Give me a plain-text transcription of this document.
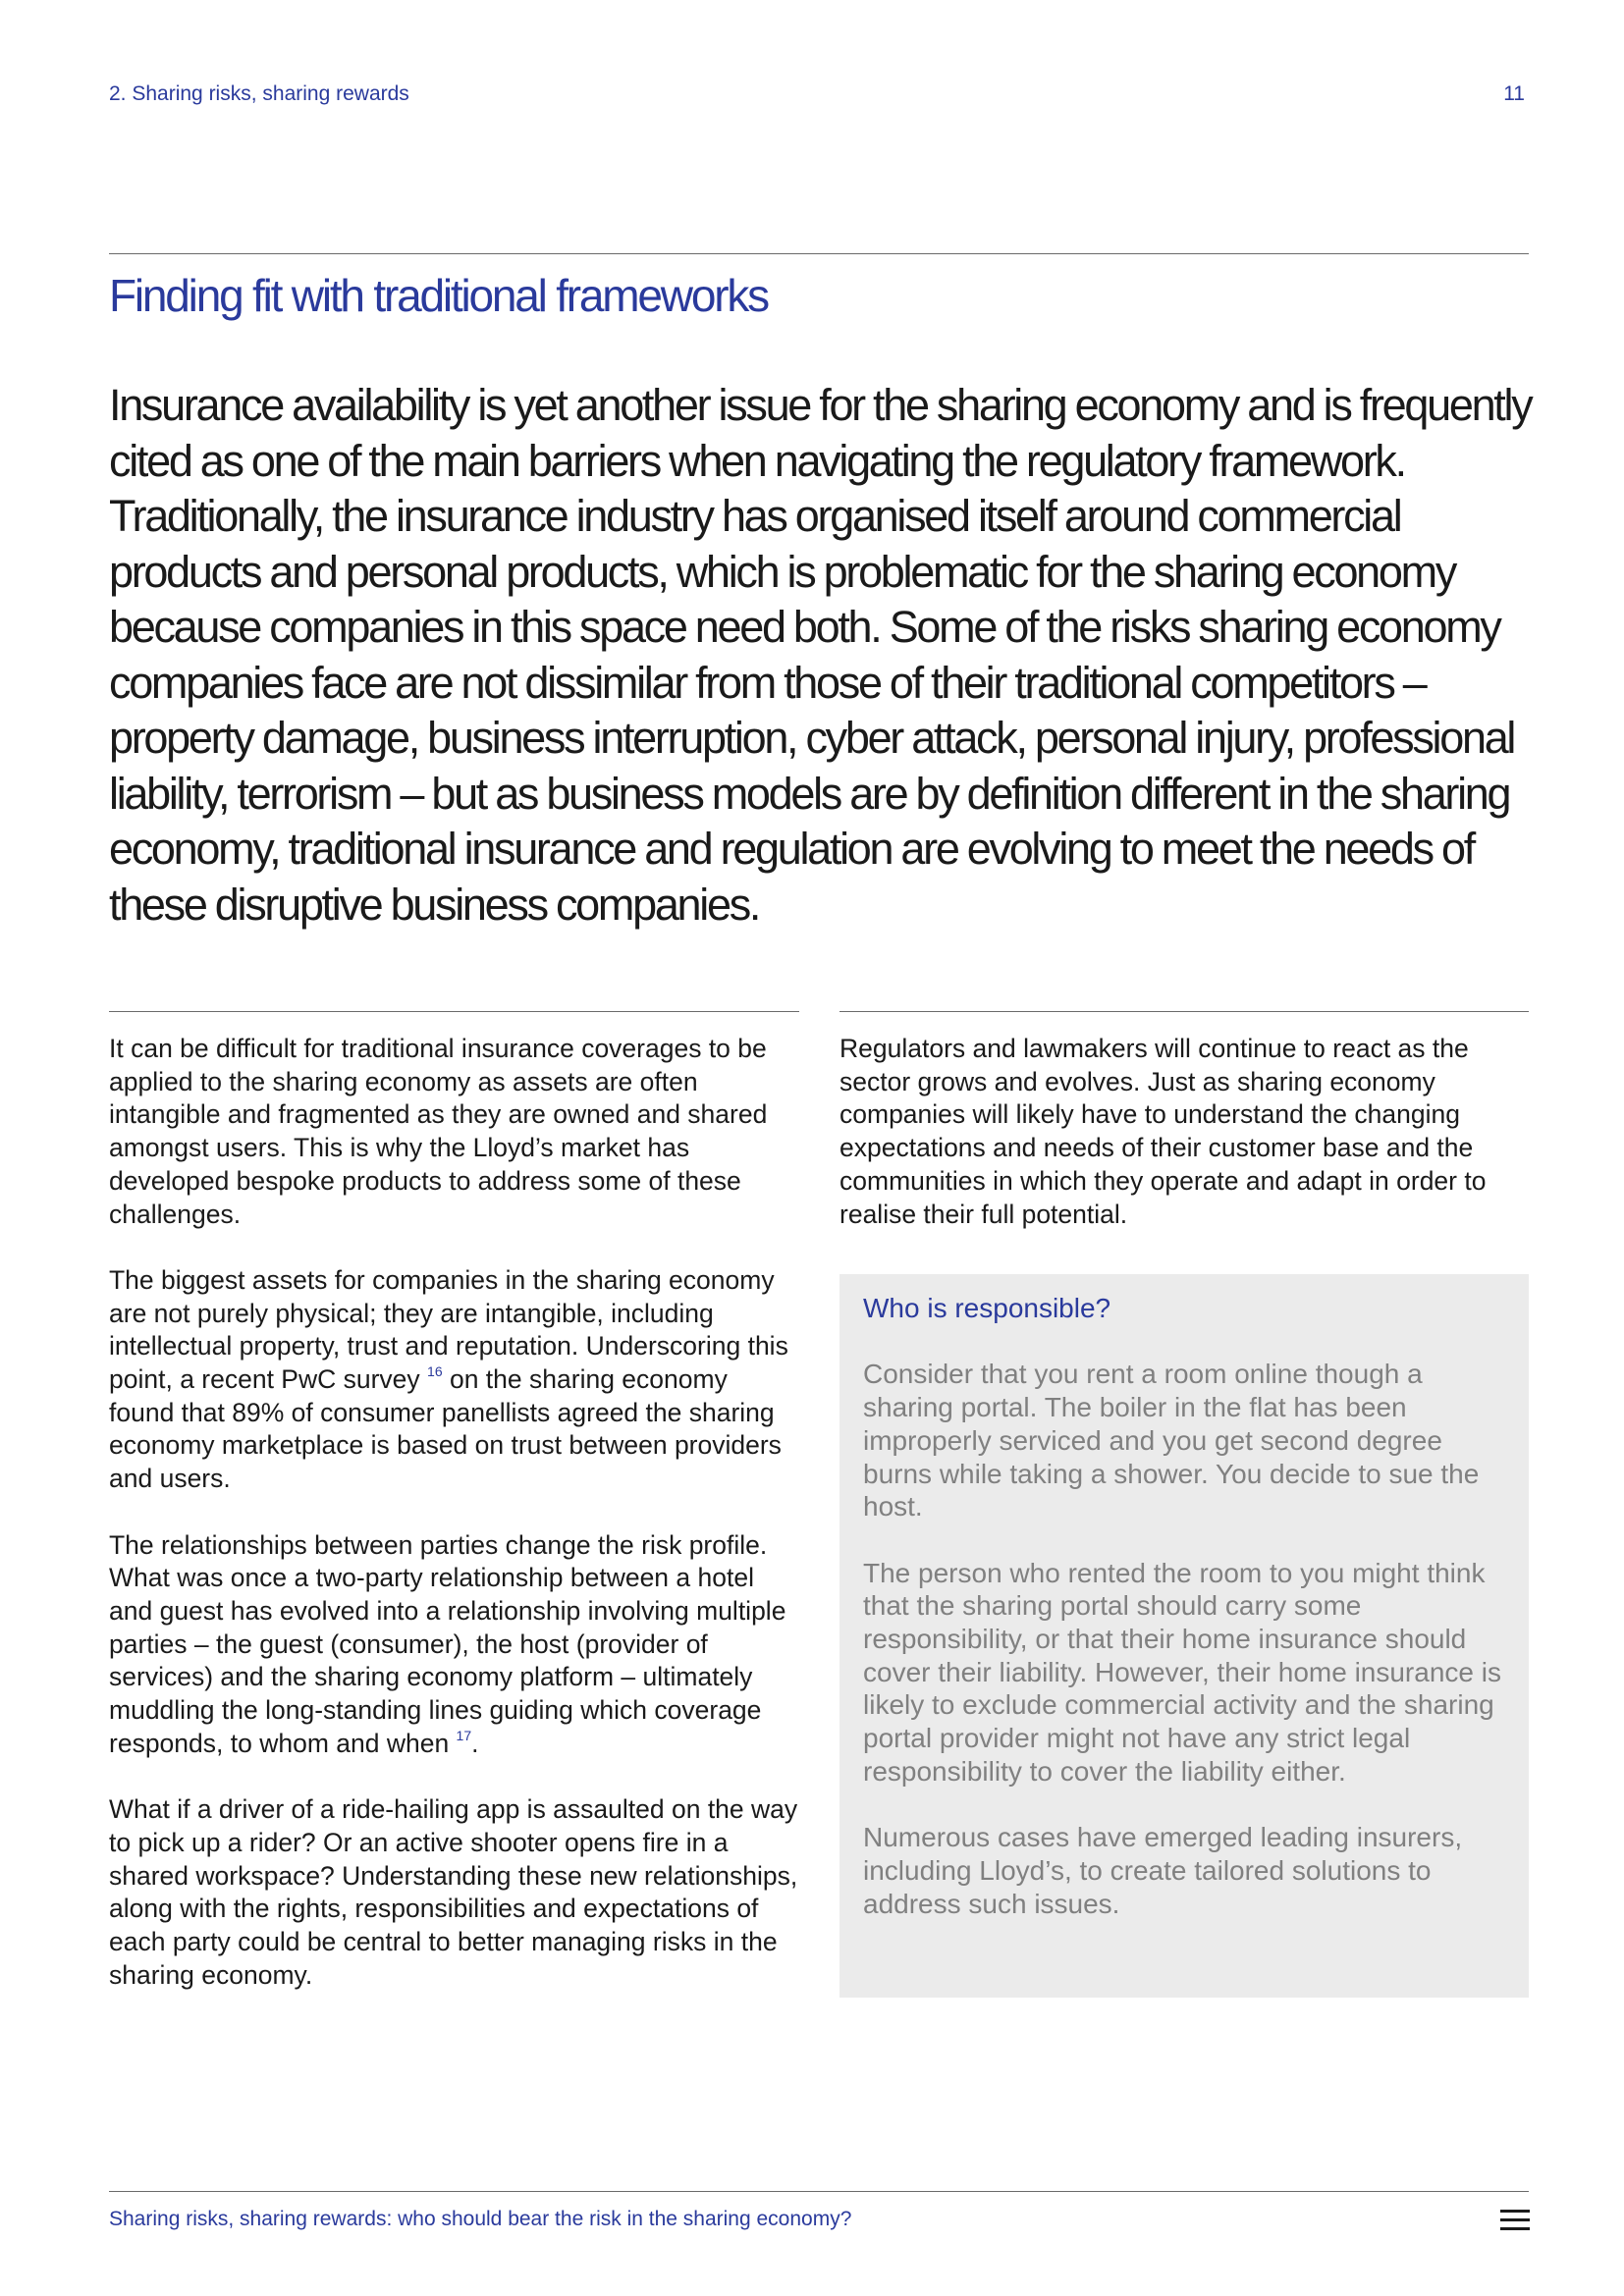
2. Sharing risks, sharing rewards	11
Finding fit with traditional frameworks

Insurance availability is yet another issue for the sharing economy and is frequently cited as one of the main barriers when navigating the regulatory framework. Traditionally, the insurance industry has organised itself around commercial products and personal products, which is problematic for the sharing economy because companies in this space need both. Some of the risks sharing economy companies face are not dissimilar from those of their traditional competitors – property damage, business interruption, cyber attack, personal injury, professional liability, terrorism – but as business models are by definition different in the sharing economy, traditional insurance and regulation are evolving to meet the needs of these disruptive business companies.

It can be difficult for traditional insurance coverages to be applied to the sharing economy as assets are often intangible and fragmented as they are owned and shared amongst users. This is why the Lloyd’s market has developed bespoke products to address some of these challenges.

The biggest assets for companies in the sharing economy are not purely physical; they are intangible, including intellectual property, trust and reputation. Underscoring this point, a recent PwC survey $^{16}$ on the sharing economy found that 89% of consumer panellists agreed the sharing economy marketplace is based on trust between providers and users.

The relationships between parties change the risk profile. What was once a two-party relationship between a hotel and guest has evolved into a relationship involving multiple parties – the guest (consumer), the host (provider of services) and the sharing economy platform – ultimately muddling the long-standing lines guiding which coverage responds, to whom and when $^{17}$.

What if a driver of a ride-hailing app is assaulted on the way to pick up a rider? Or an active shooter opens fire in a shared workspace? Understanding these new relationships, along with the rights, responsibilities and expectations of each party could be central to better managing risks in the sharing economy.

Regulators and lawmakers will continue to react as the sector grows and evolves. Just as sharing economy companies will likely have to understand the changing expectations and needs of their customer base and the communities in which they operate and adapt in order to realise their full potential.

Who is responsible?

Consider that you rent a room online though a sharing portal. The boiler in the flat has been improperly serviced and you get second degree burns while taking a shower. You decide to sue the host.

The person who rented the room to you might think that the sharing portal should carry some responsibility, or that their home insurance should cover their liability. However, their home insurance is likely to exclude commercial activity and the sharing portal provider might not have any strict legal responsibility to cover the liability either.

Numerous cases have emerged leading insurers, including Lloyd’s, to create tailored solutions to address such issues.

Sharing risks, sharing rewards: who should bear the risk in the sharing economy?
